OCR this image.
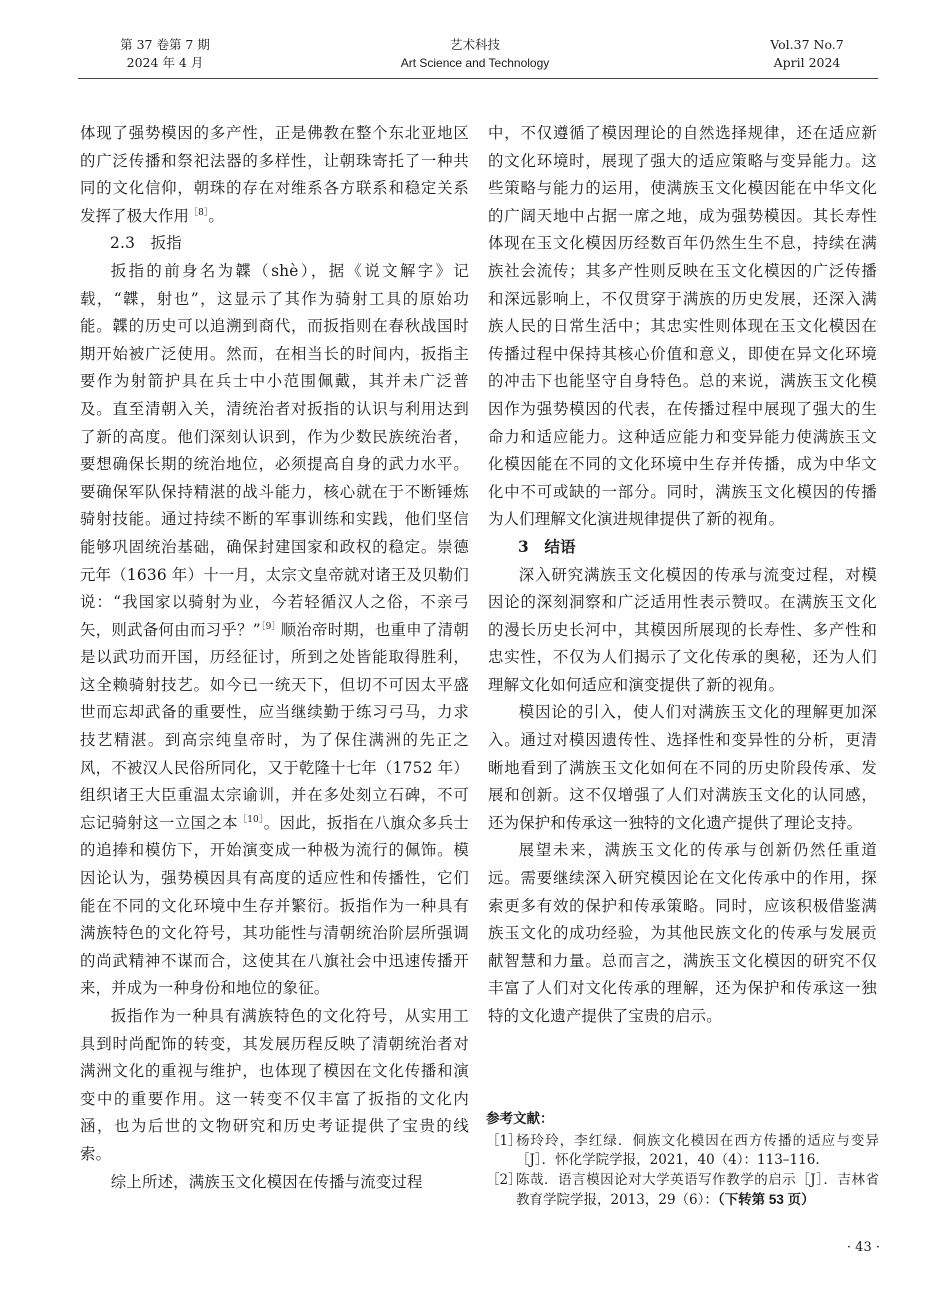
第 37 卷第 7 期
2024 年 4 月
艺术科技
Art Science and Technology
Vol.37 No.7
April 2024

体现了强势模因的多产性，正是佛教在整个东北亚地区的广泛传播和祭祀法器的多样性，让朝珠寄托了一种共同的文化信仰，朝珠的存在对维系各方联系和稳定关系发挥了极大作用$^{[8]}$。

2.3　扳指

扳指的前身名为韘（shè），据《说文解字》记载，“韘，射也”，这显示了其作为骑射工具的原始功能。韘的历史可以追溯到商代，而扳指则在春秋战国时期开始被广泛使用。然而，在相当长的时间内，扳指主要作为射箭护具在兵士中小范围佩戴，其并未广泛普及。直至清朝入关，清统治者对扳指的认识与利用达到了新的高度。他们深刻认识到，作为少数民族统治者，要想确保长期的统治地位，必须提高自身的武力水平。要确保军队保持精湛的战斗能力，核心就在于不断锤炼骑射技能。通过持续不断的军事训练和实践，他们坚信能够巩固统治基础，确保封建国家和政权的稳定。崇德元年（1636 年）十一月，太宗文皇帝就对诸王及贝勒们说：“我国家以骑射为业，今若轻循汉人之俗，不亲弓矢，则武备何由而习乎？”$^{[9]}$顺治帝时期，也重申了清朝是以武功而开国，历经征讨，所到之处皆能取得胜利，这全赖骑射技艺。如今已一统天下，但切不可因太平盛世而忘却武备的重要性，应当继续勤于练习弓马，力求技艺精湛。到高宗纯皇帝时，为了保住满洲的先正之风，不被汉人民俗所同化，又于乾隆十七年（1752 年）组织诸王大臣重温太宗谕训，并在多处刻立石碑，不可忘记骑射这一立国之本$^{[10]}$。因此，扳指在八旗众多兵士的追捧和模仿下，开始演变成一种极为流行的佩饰。模因论认为，强势模因具有高度的适应性和传播性，它们能在不同的文化环境中生存并繁衍。扳指作为一种具有满族特色的文化符号，其功能性与清朝统治阶层所强调的尚武精神不谋而合，这使其在八旗社会中迅速传播开来，并成为一种身份和地位的象征。

扳指作为一种具有满族特色的文化符号，从实用工具到时尚配饰的转变，其发展历程反映了清朝统治者对满洲文化的重视与维护，也体现了模因在文化传播和演变中的重要作用。这一转变不仅丰富了扳指的文化内涵，也为后世的文物研究和历史考证提供了宝贵的线索。

综上所述，满族玉文化模因在传播与流变过程

中，不仅遵循了模因理论的自然选择规律，还在适应新的文化环境时，展现了强大的适应策略与变异能力。这些策略与能力的运用，使满族玉文化模因能在中华文化的广阔天地中占据一席之地，成为强势模因。其长寿性体现在玉文化模因历经数百年仍然生生不息，持续在满族社会流传；其多产性则反映在玉文化模因的广泛传播和深远影响上，不仅贯穿于满族的历史发展，还深入满族人民的日常生活中；其忠实性则体现在玉文化模因在传播过程中保持其核心价值和意义，即使在异文化环境的冲击下也能坚守自身特色。总的来说，满族玉文化模因作为强势模因的代表，在传播过程中展现了强大的生命力和适应能力。这种适应能力和变异能力使满族玉文化模因能在不同的文化环境中生存并传播，成为中华文化中不可或缺的一部分。同时，满族玉文化模因的传播为人们理解文化演进规律提供了新的视角。

3　结语

深入研究满族玉文化模因的传承与流变过程，对模因论的深刻洞察和广泛适用性表示赞叹。在满族玉文化的漫长历史长河中，其模因所展现的长寿性、多产性和忠实性，不仅为人们揭示了文化传承的奥秘，还为人们理解文化如何适应和演变提供了新的视角。

模因论的引入，使人们对满族玉文化的理解更加深入。通过对模因遗传性、选择性和变异性的分析，更清晰地看到了满族玉文化如何在不同的历史阶段传承、发展和创新。这不仅增强了人们对满族玉文化的认同感，还为保护和传承这一独特的文化遗产提供了理论支持。

展望未来，满族玉文化的传承与创新仍然任重道远。需要继续深入研究模因论在文化传承中的作用，探索更多有效的保护和传承策略。同时，应该积极借鉴满族玉文化的成功经验，为其他民族文化的传承与发展贡献智慧和力量。总而言之，满族玉文化模因的研究不仅丰富了人们对文化传承的理解，还为保护和传承这一独特的文化遗产提供了宝贵的启示。

参考文献：
［1］
杨玲玲，李红绿．侗族文化模因在西方传播的适应与变异［J］．怀化学院学报，2021，40（4）：113–116.
［2］
陈哉．语言模因论对大学英语写作教学的启示［J］．吉林省教育学院学报，2013，29（6）：（下转第 53 页）
· 43 ·
